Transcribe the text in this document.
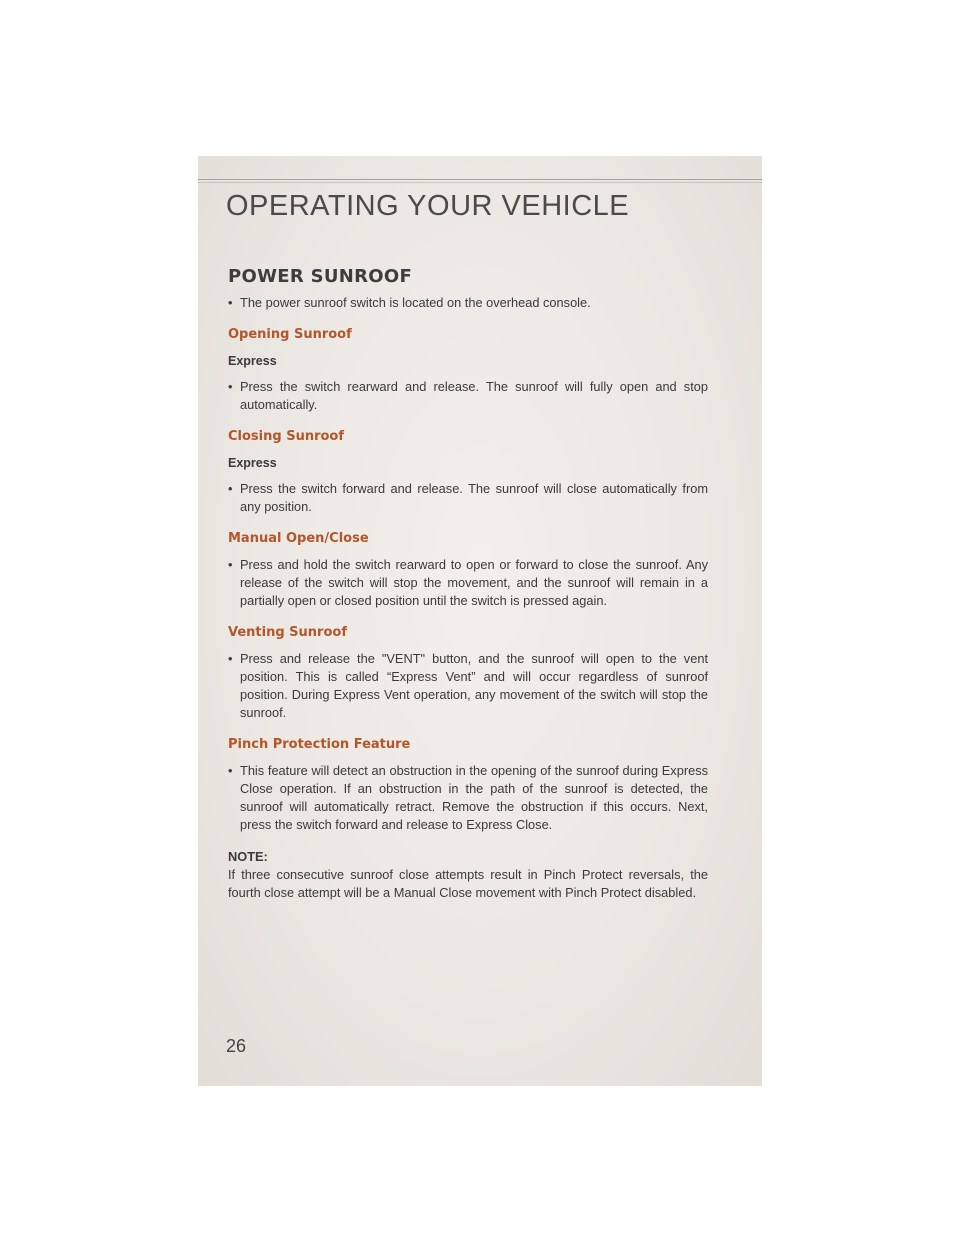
OPERATING YOUR VEHICLE
POWER SUNROOF
• The power sunroof switch is located on the overhead console.
Opening Sunroof
Express
• Press the switch rearward and release. The sunroof will fully open and stop automatically.
Closing Sunroof
Express
• Press the switch forward and release. The sunroof will close automatically from any position.
Manual Open/Close
• Press and hold the switch rearward to open or forward to close the sunroof. Any release of the switch will stop the movement, and the sunroof will remain in a partially open or closed position until the switch is pressed again.
Venting Sunroof
• Press and release the "VENT" button, and the sunroof will open to the vent position. This is called “Express Vent” and will occur regardless of sunroof position. During Express Vent operation, any movement of the switch will stop the sunroof.
Pinch Protection Feature
• This feature will detect an obstruction in the opening of the sunroof during Express Close operation. If an obstruction in the path of the sunroof is detected, the sunroof will automatically retract. Remove the obstruction if this occurs. Next, press the switch forward and release to Express Close.
NOTE:
If three consecutive sunroof close attempts result in Pinch Protect reversals, the fourth close attempt will be a Manual Close movement with Pinch Protect disabled.
26
